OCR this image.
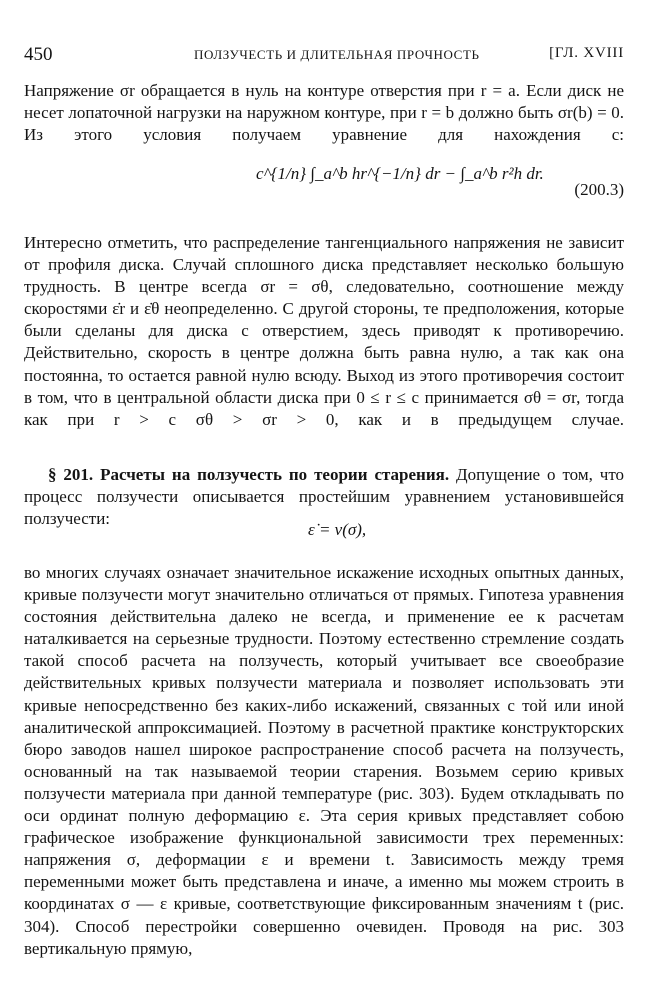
450	ПОЛЗУЧЕСТЬ И ДЛИТЕЛЬНАЯ ПРОЧНОСТЬ	[ГЛ. XVIII
Напряжение σr обращается в нуль на контуре отверстия при r = a. Если диск не несет лопаточной нагрузки на наружном контуре, при r = b должно быть σr(b) = 0. Из этого условия получаем уравнение для нахождения c:
c^{1/n} ∫_a^b hr^{−1/n} dr − ∫_a^b r²h dr.
(200.3)
Интересно отметить, что распределение тангенциального напряжения не зависит от профиля диска. Случай сплошного диска представляет несколько большую трудность. В центре всегда σr = σθ, следовательно, соотношение между скоростями ε̇r и ε̇θ неопределенно. С другой стороны, те предположения, которые были сделаны для диска с отверстием, здесь приводят к противоречию. Действительно, скорость в центре должна быть равна нулю, а так как она постоянна, то остается равной нулю всюду. Выход из этого противоречия состоит в том, что в центральной области диска при 0 ≤ r ≤ c принимается σθ = σr, тогда как при r > c σθ > σr > 0, как и в предыдущем случае.
§ 201. Расчеты на ползучесть по теории старения. Допущение о том, что процесс ползучести описывается простейшим уравнением установившейся ползучести:
ε̇ = v(σ),
во многих случаях означает значительное искажение исходных опытных данных, кривые ползучести могут значительно отличаться от прямых. Гипотеза уравнения состояния действительна далеко не всегда, и применение ее к расчетам наталкивается на серьезные трудности. Поэтому естественно стремление создать такой способ расчета на ползучесть, который учитывает все своеобразие действительных кривых ползучести материала и позволяет использовать эти кривые непосредственно без каких-либо искажений, связанных с той или иной аналитической аппроксимацией. Поэтому в расчетной практике конструкторских бюро заводов нашел широкое распространение способ расчета на ползучесть, основанный на так называемой теории старения. Возьмем серию кривых ползучести материала при данной температуре (рис. 303). Будем откладывать по оси ординат полную деформацию ε. Эта серия кривых представляет собою графическое изображение функциональной зависимости трех переменных: напряжения σ, деформации ε и времени t. Зависимость между тремя переменными может быть представлена и иначе, а именно мы можем строить в координатах σ — ε кривые, соответствующие фиксированным значениям t (рис. 304). Способ перестройки совершенно очевиден. Проводя на рис. 303 вертикальную прямую,
